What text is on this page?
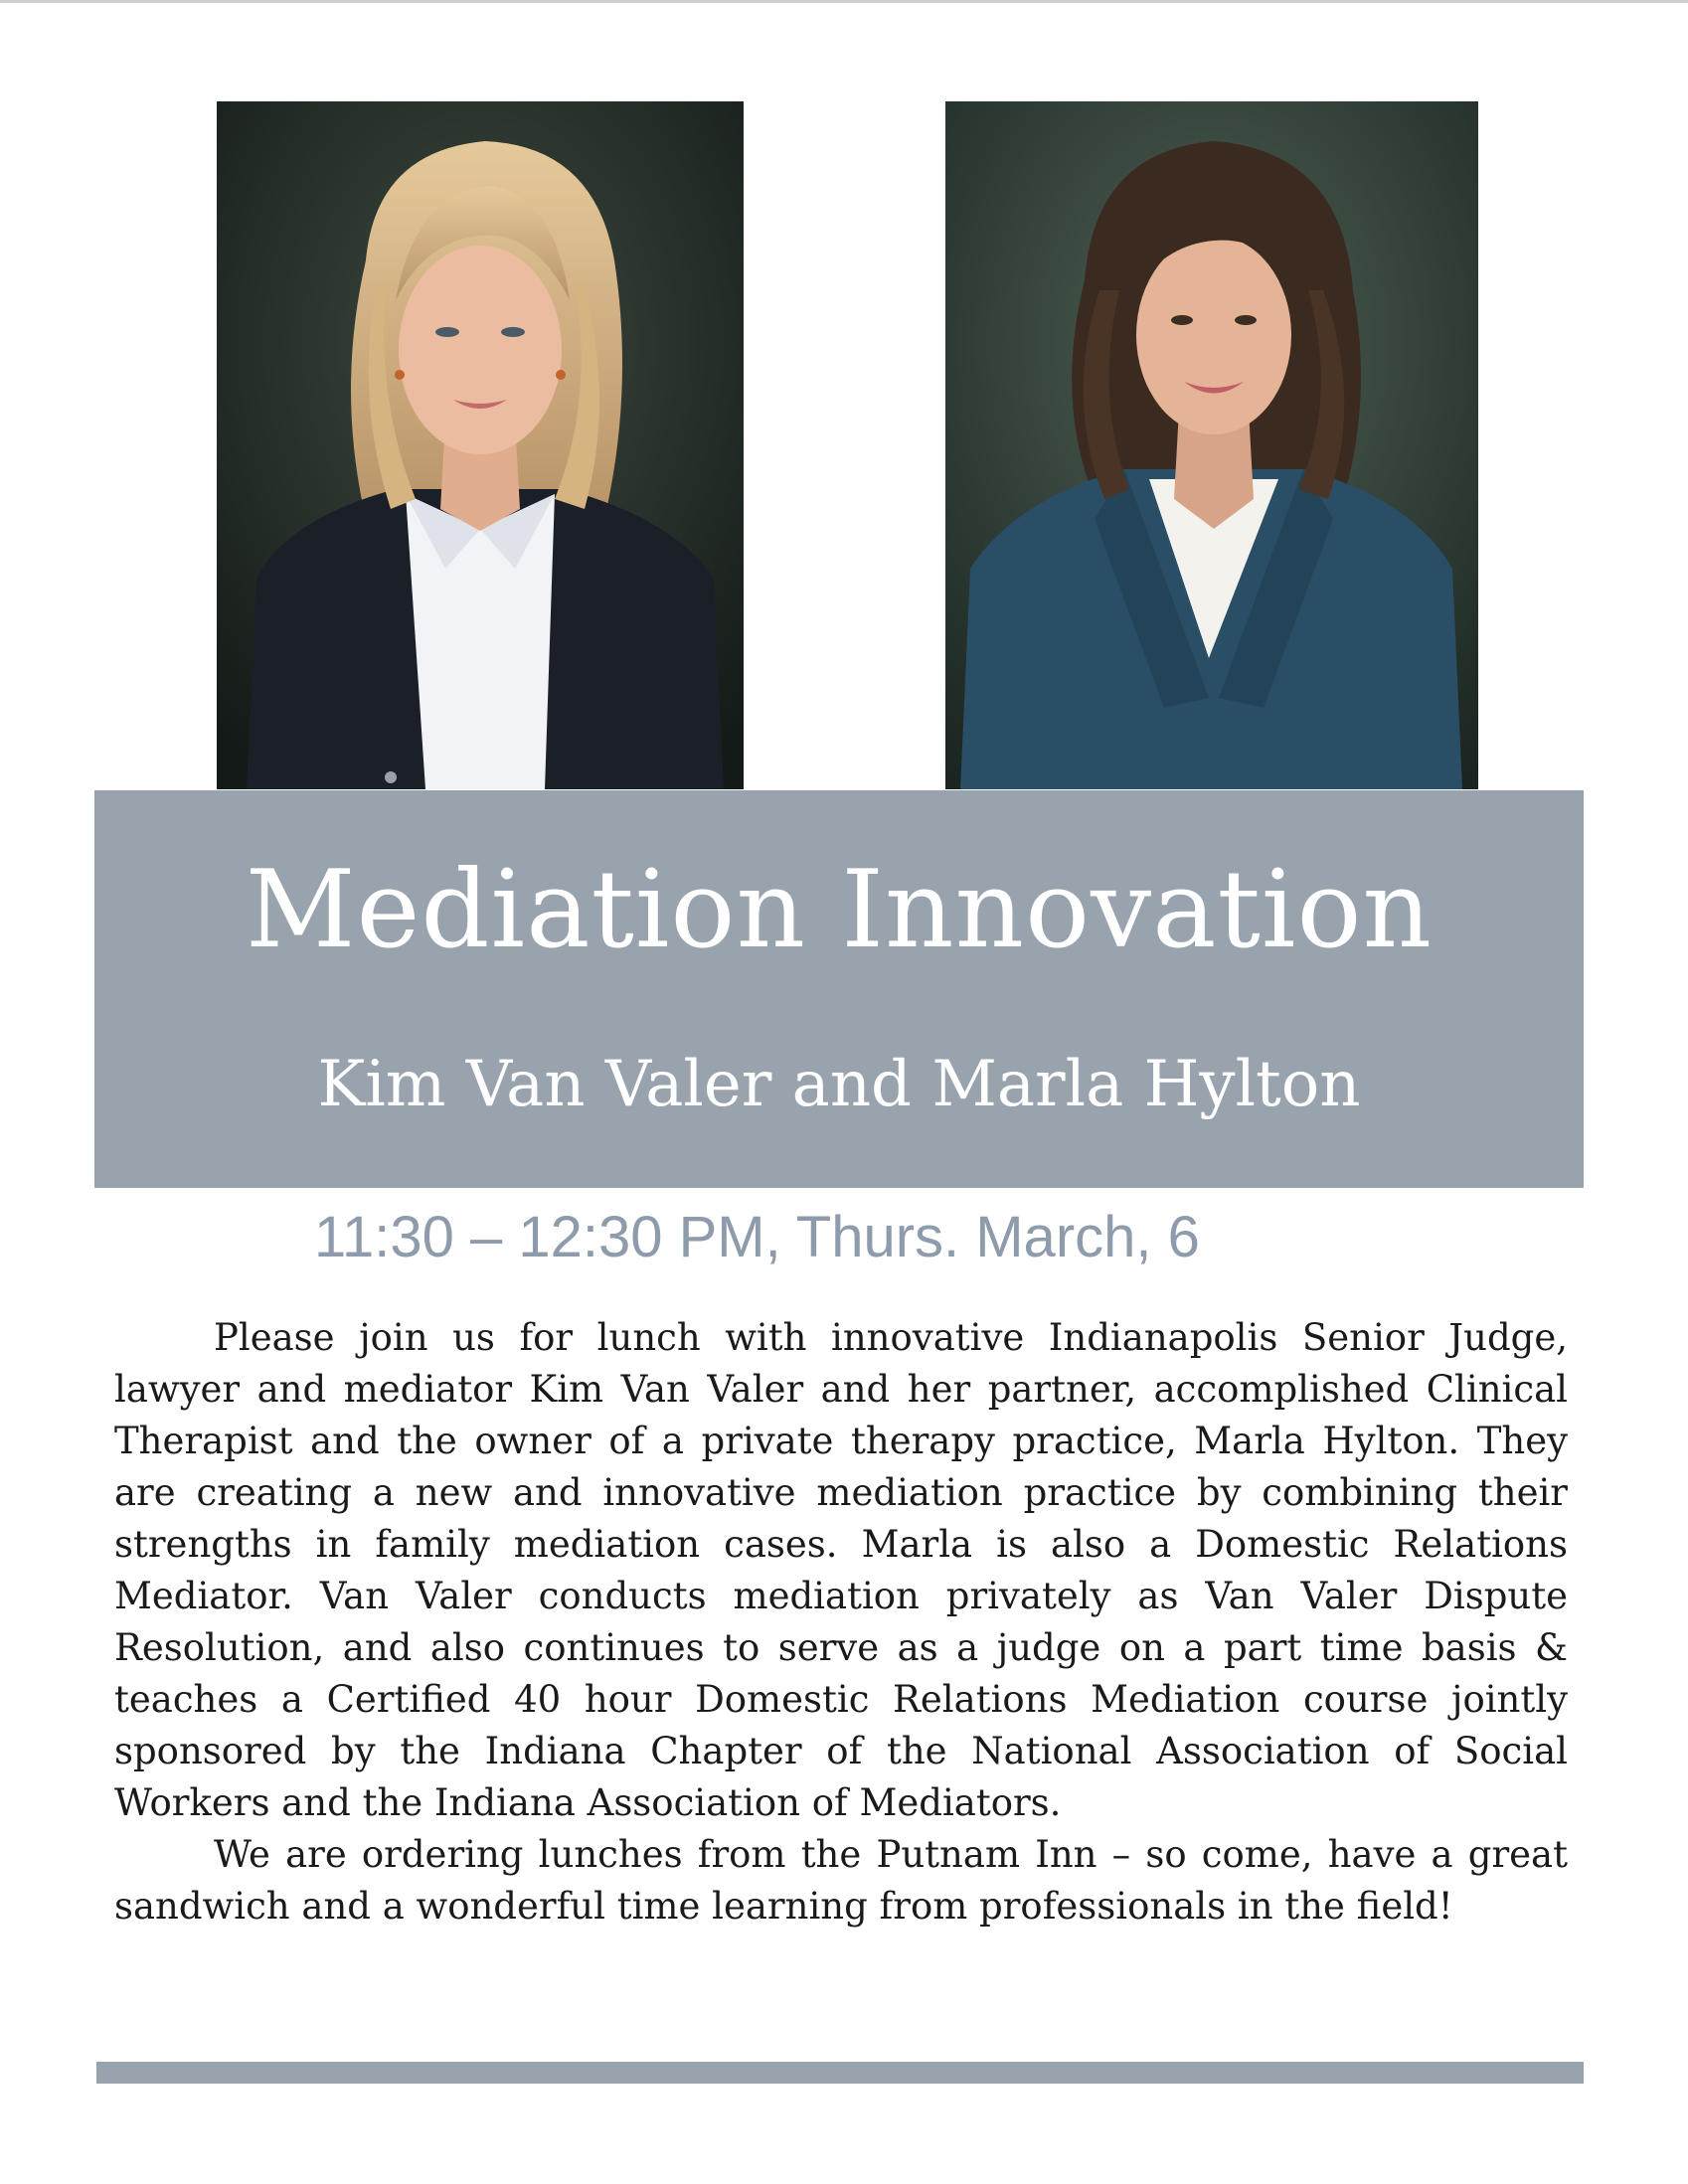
Mediation Innovation
Kim Van Valer and Marla Hylton
11:30 – 12:30 PM, Thurs. March, 6

Please join us for lunch with innovative Indianapolis Senior Judge, lawyer and mediator Kim Van Valer and her partner, accomplished Clinical Therapist and the owner of a private therapy practice, Marla Hylton. They are creating a new and innovative mediation practice by combining their strengths in family mediation cases. Marla is also a Domestic Relations Mediator. Van Valer conducts mediation privately as Van Valer Dispute Resolution, and also continues to serve as a judge on a part time basis & teaches a Certified 40 hour Domestic Relations Mediation course jointly sponsored by the Indiana Chapter of the National Association of Social Workers and the Indiana Association of Mediators.

We are ordering lunches from the Putnam Inn – so come, have a great sandwich and a wonderful time learning from professionals in the field!
